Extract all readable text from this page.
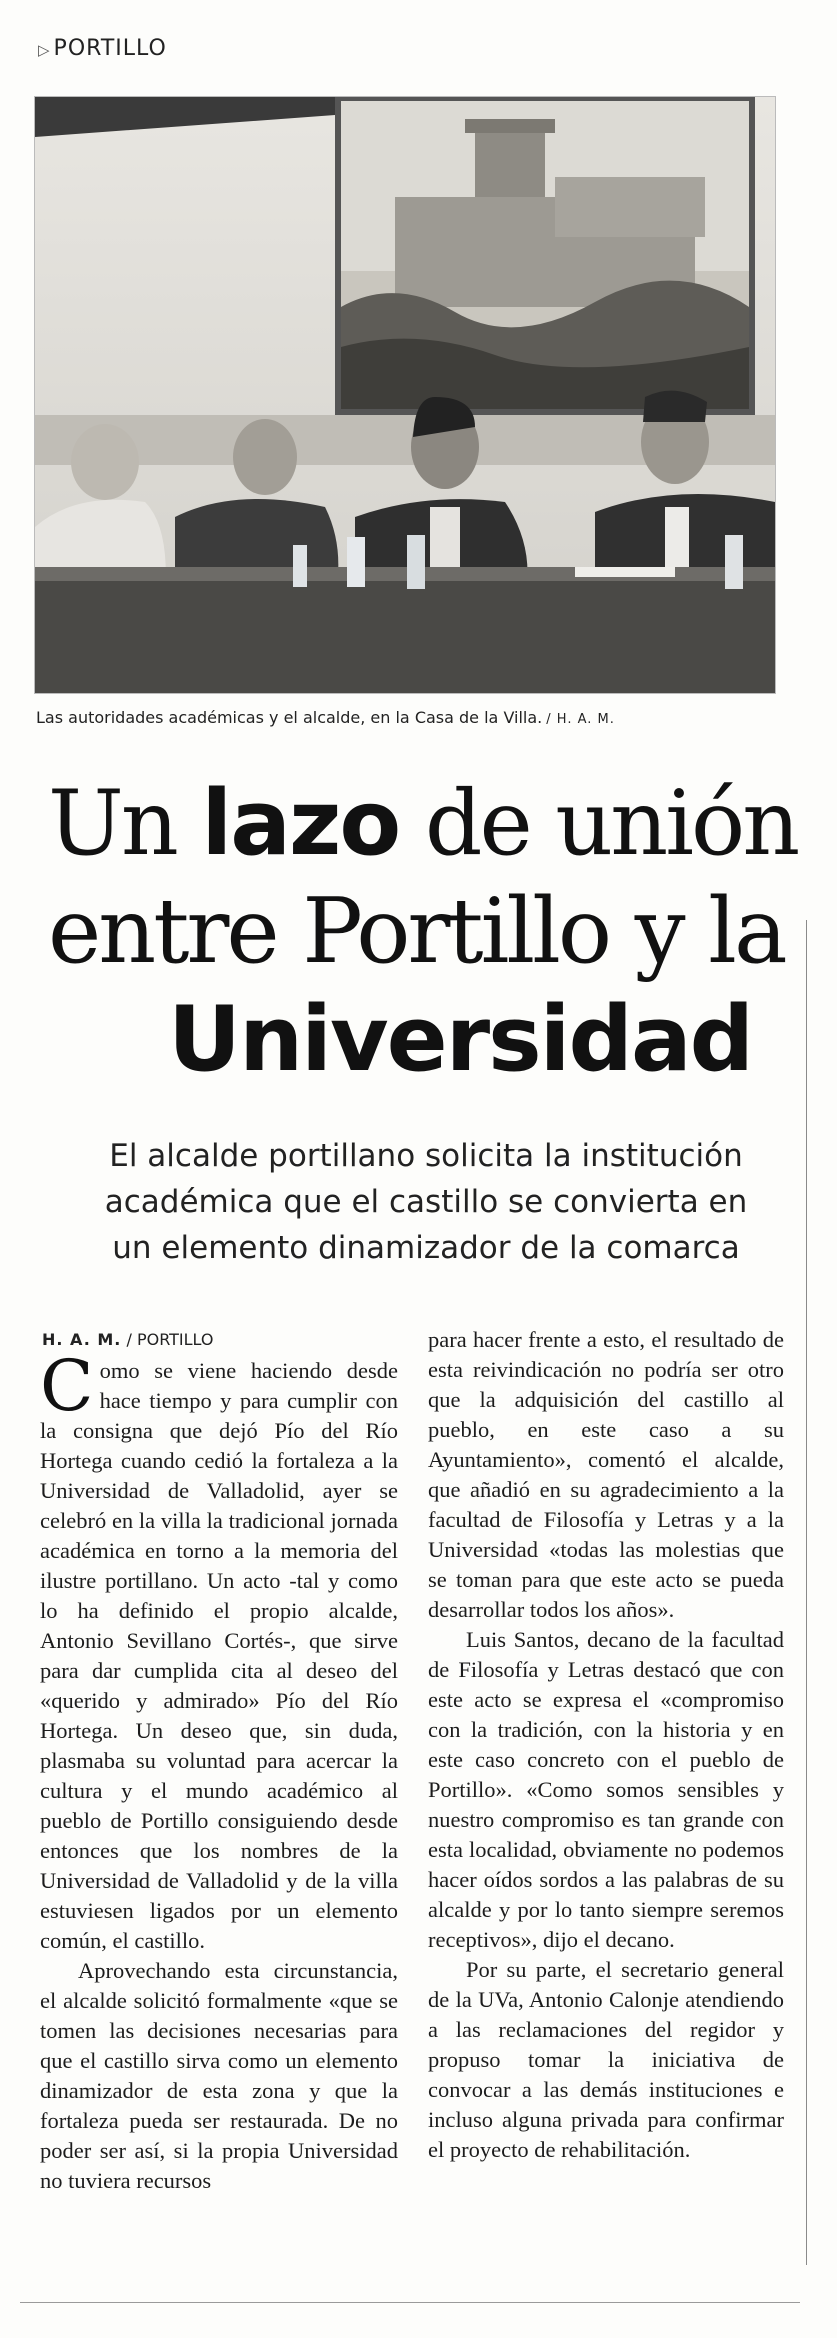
▷ PORTILLO
Las autoridades académicas y el alcalde, en la Casa de la Villa. / H. A. M.
Un lazo de unión
entre Portillo y la

Universidad
El alcalde portillano solicita la institución
académica que el castillo se convierta en
un elemento dinamizador de la comarca
H. A. M. / PORTILLO

Como se viene haciendo desde hace tiempo y para cumplir con la consigna que dejó Pío del Río Hortega cuando cedió la fortaleza a la Universidad de Valladolid, ayer se celebró en la villa la tradicional jornada académica en torno a la memoria del ilustre portillano. Un acto -tal y como lo ha definido el propio alcalde, Antonio Sevillano Cortés-, que sirve para dar cumplida cita al deseo del «querido y admirado» Pío del Río Hortega. Un deseo que, sin duda, plasmaba su voluntad para acercar la cultura y el mundo académico al pueblo de Portillo consiguiendo desde entonces que los nombres de la Universidad de Valladolid y de la villa estuviesen ligados por un elemento común, el castillo.

Aprovechando esta circunstancia, el alcalde solicitó formalmente «que se tomen las decisiones necesarias para que el castillo sirva como un elemento dinamizador de esta zona y que la fortaleza pueda ser restaurada. De no poder ser así, si la propia Universidad no tuviera recursos

para hacer frente a esto, el resultado de esta reivindicación no podría ser otro que la adquisición del castillo al pueblo, en este caso a su Ayuntamiento», comentó el alcalde, que añadió en su agradecimiento a la facultad de Filosofía y Letras y a la Universidad «todas las molestias que se toman para que este acto se pueda desarrollar todos los años».

Luis Santos, decano de la facultad de Filosofía y Letras destacó que con este acto se expresa el «compromiso con la tradición, con la historia y en este caso concreto con el pueblo de Portillo». «Como somos sensibles y nuestro compromiso es tan grande con esta localidad, obviamente no podemos hacer oídos sordos a las palabras de su alcalde y por lo tanto siempre seremos receptivos», dijo el decano.

Por su parte, el secretario general de la UVa, Antonio Calonje atendiendo a las reclamaciones del regidor y propuso tomar la iniciativa de convocar a las demás instituciones e incluso alguna privada para confirmar el proyecto de rehabilitación.
